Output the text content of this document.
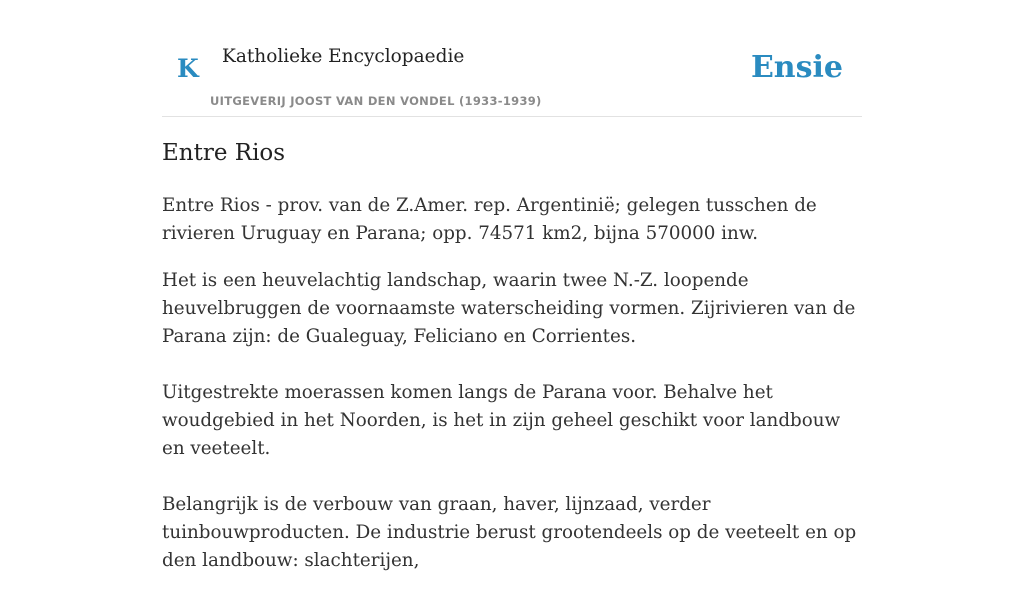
K Katholieke Encyclopaedie	Ensie
UITGEVERIJ JOOST VAN DEN VONDEL (1933-1939)
Entre Rios

Entre Rios - prov. van de Z.Amer. rep. Argentinië; gelegen tusschen de rivieren Uruguay en Parana; opp. 74571 km2, bijna 570000 inw.

Het is een heuvelachtig landschap, waarin twee N.-Z. loopende heuvelbruggen de voornaamste waterscheiding vormen. Zijrivieren van de Parana zijn: de Gualeguay, Feliciano en Corrientes.

Uitgestrekte moerassen komen langs de Parana voor. Behalve het woudgebied in het Noorden, is het in zijn geheel geschikt voor landbouw en veeteelt.

Belangrijk is de verbouw van graan, haver, lijnzaad, verder tuinbouwproducten. De industrie berust grootendeels op de veeteelt en op den landbouw: slachterijen,
